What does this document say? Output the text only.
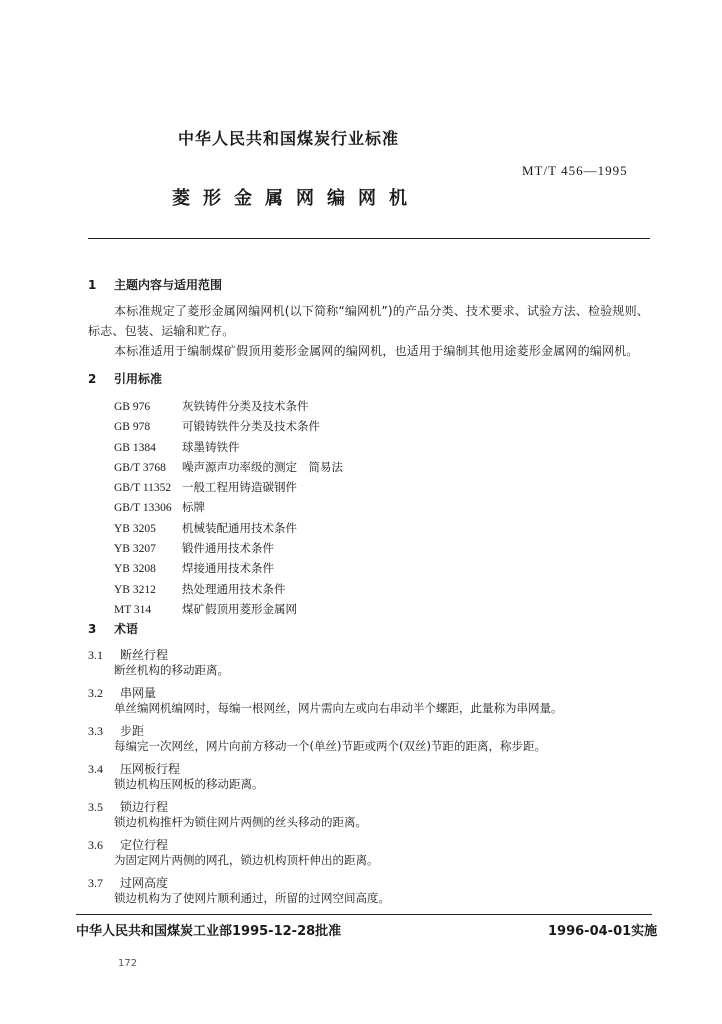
中华人民共和国煤炭行业标准
MT/T 456—1995
菱形金属网编网机
1 主题内容与适用范围
本标准规定了菱形金属网编网机(以下简称“编网机”)的产品分类、技术要求、试验方法、检验规则、
标志、包装、运输和贮存。
本标准适用于编制煤矿假顶用菱形金属网的编网机，也适用于编制其他用途菱形金属网的编网机。
2 引用标准
GB 976	灰铁铸件分类及技术条件
GB 978	可锻铸铁件分类及技术条件
GB 1384 球墨铸铁件
GB/T 3768 噪声源声功率级的测定　简易法
GB/T 11352 一般工程用铸造碳钢件
GB/T 13306 标牌
YB 3205 机械装配通用技术条件
YB 3207 锻件通用技术条件
YB 3208 焊接通用技术条件
YB 3212 热处理通用技术条件
MT 314	煤矿假顶用菱形金属网
3 术语
3.1 断丝行程
断丝机构的移动距离。
3.2 串网量
单丝编网机编网时，每编一根网丝，网片需向左或向右串动半个螺距，此量称为串网量。
3.3 步距
每编完一次网丝，网片向前方移动一个(单丝)节距或两个(双丝)节距的距离，称步距。
3.4 压网板行程
锁边机构压网板的移动距离。
3.5 锁边行程
锁边机构推杆为锁住网片两侧的丝头移动的距离。
3.6 定位行程
为固定网片两侧的网孔，锁边机构顶杆伸出的距离。
3.7 过网高度
锁边机构为了使网片顺利通过，所留的过网空间高度。
中华人民共和国煤炭工业部1995-12-28批准	1996-04-01实施
172
